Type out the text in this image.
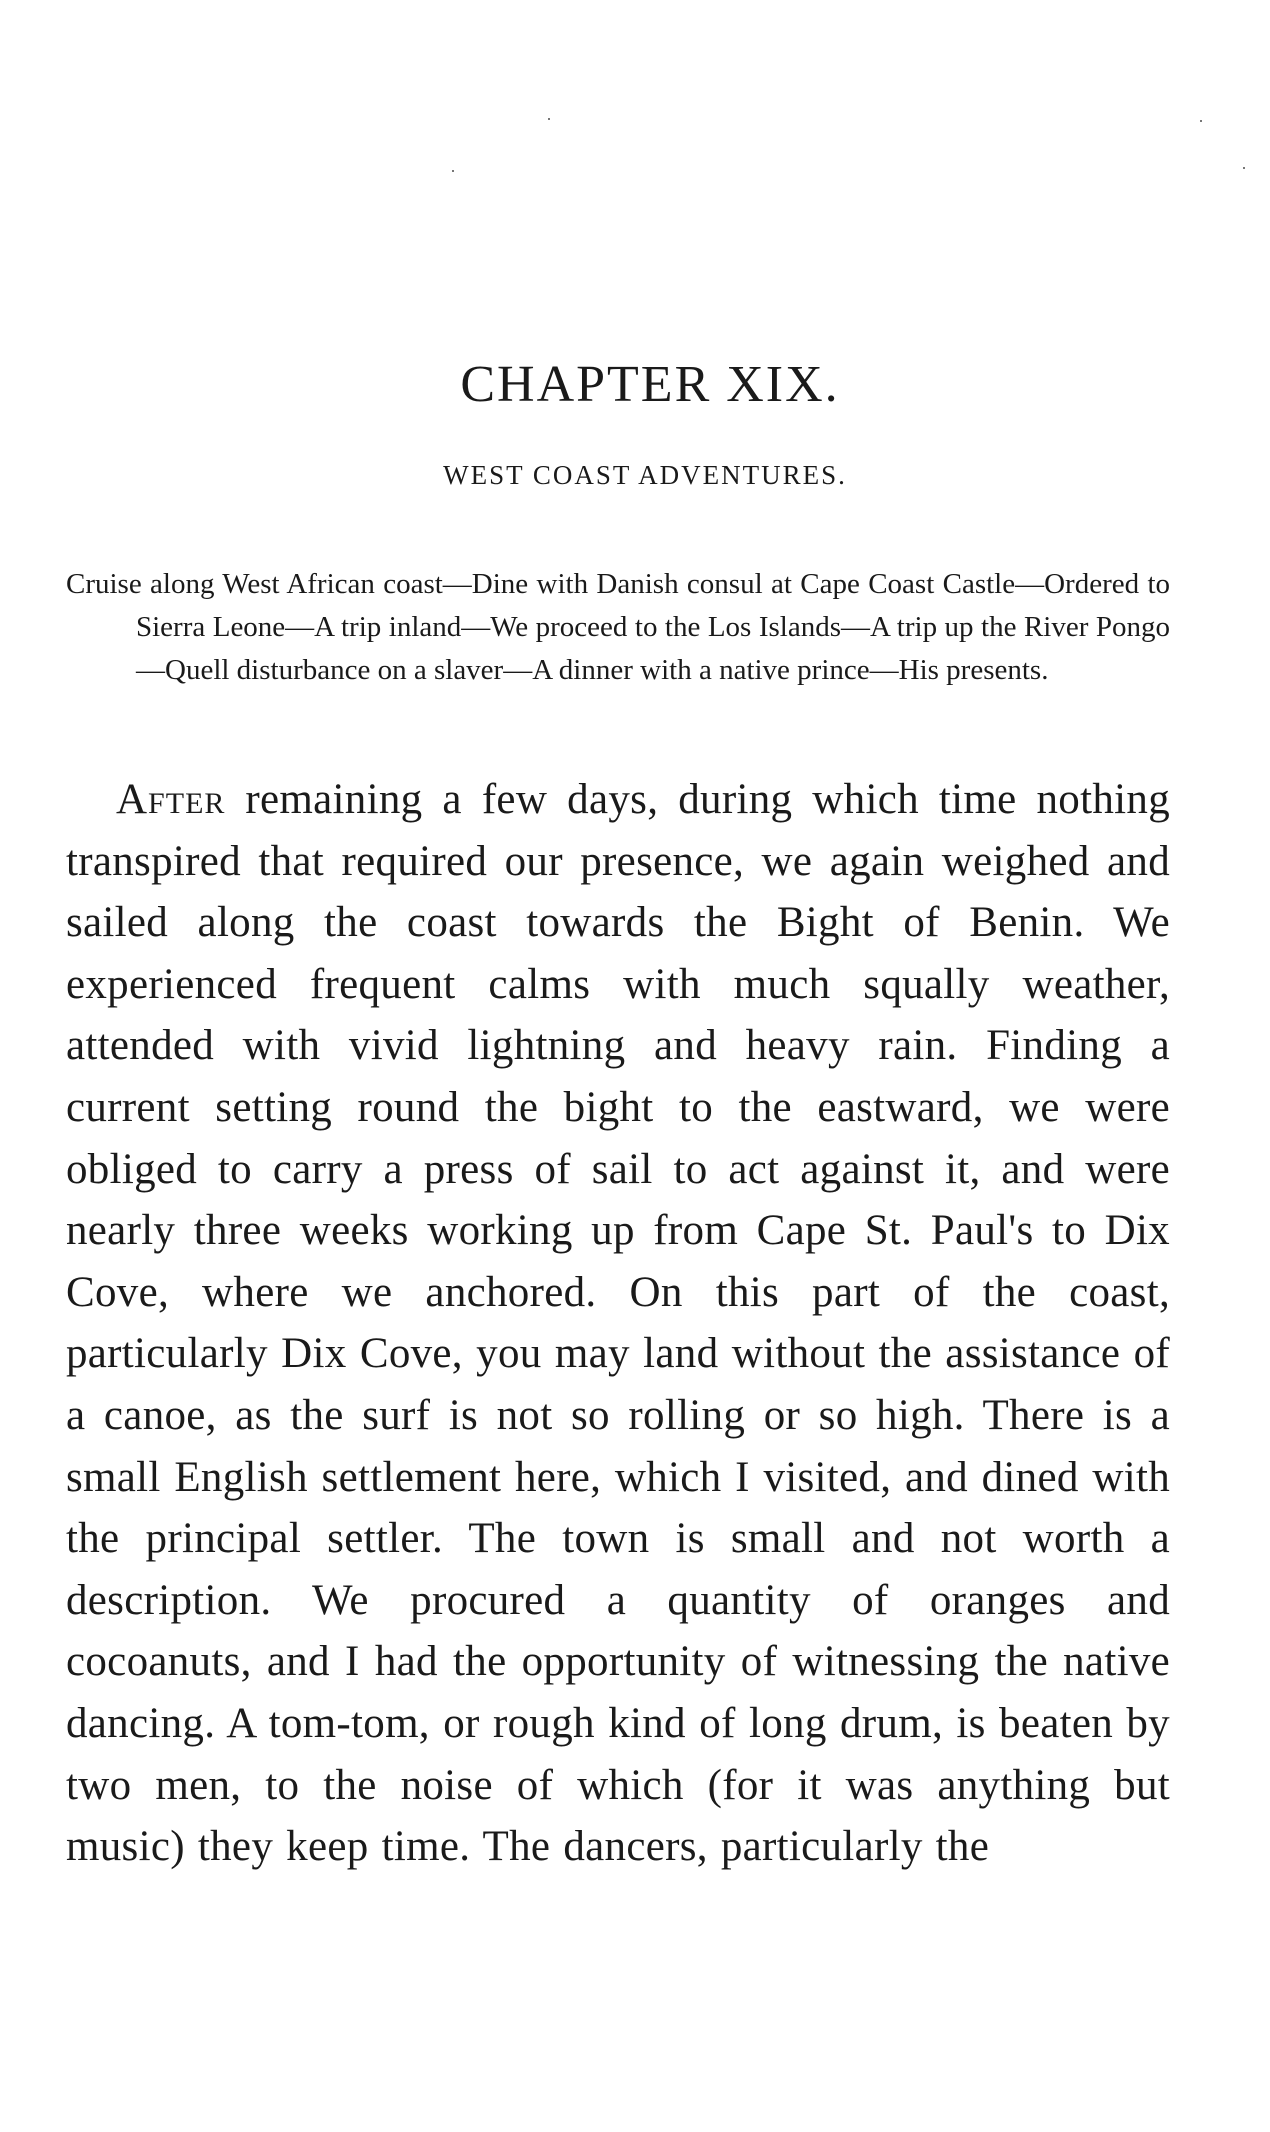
CHAPTER XIX.
WEST COAST ADVENTURES.

Cruise along West African coast—Dine with Danish consul at Cape Coast Castle—Ordered to Sierra Leone—A trip inland—We proceed to the Los Islands—A trip up the River Pongo—Quell disturbance on a slaver—A dinner with a native prince—His presents.

After remaining a few days, during which time nothing transpired that required our presence, we again weighed and sailed along the coast towards the Bight of Benin. We experienced frequent calms with much squally weather, attended with vivid lightning and heavy rain. Finding a current setting round the bight to the eastward, we were obliged to carry a press of sail to act against it, and were nearly three weeks working up from Cape St. Paul's to Dix Cove, where we anchored. On this part of the coast, particularly Dix Cove, you may land without the assistance of a canoe, as the surf is not so rolling or so high. There is a small English settlement here, which I visited, and dined with the principal settler. The town is small and not worth a description. We procured a quantity of oranges and cocoanuts, and I had the opportunity of witnessing the native dancing. A tom-tom, or rough kind of long drum, is beaten by two men, to the noise of which (for it was anything but music) they keep time. The dancers, particularly the
